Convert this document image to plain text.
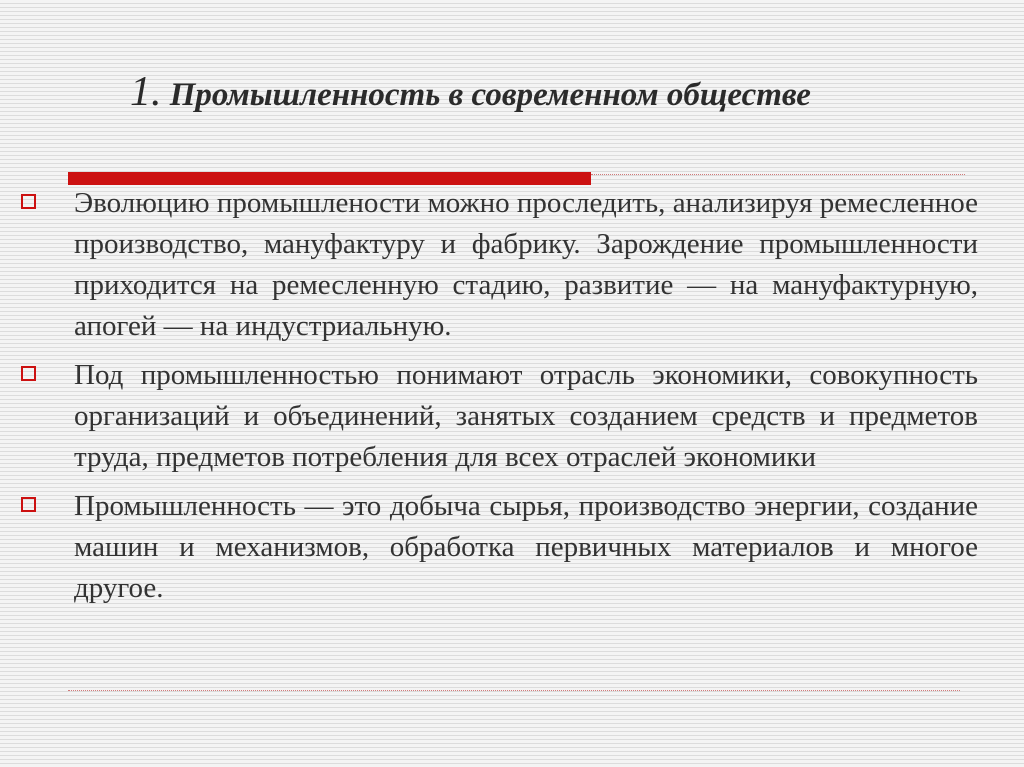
1. Промышленность в современном обществе
Эволюцию промышлености можно проследить, анализируя ремесленное производство, мануфактуру и фабрику. Зарождение промышленности приходится на ремесленную стадию, развитие — на мануфактурную, апогей — на индустриальную.
Под промышленностью понимают отрасль экономики, совокупность организаций и объединений, занятых созданием средств и предметов труда, предметов потребления для всех отраслей экономики
Промышленность — это добыча сырья, производство энергии, создание машин и механизмов, обработка первичных материалов и многое другое.
